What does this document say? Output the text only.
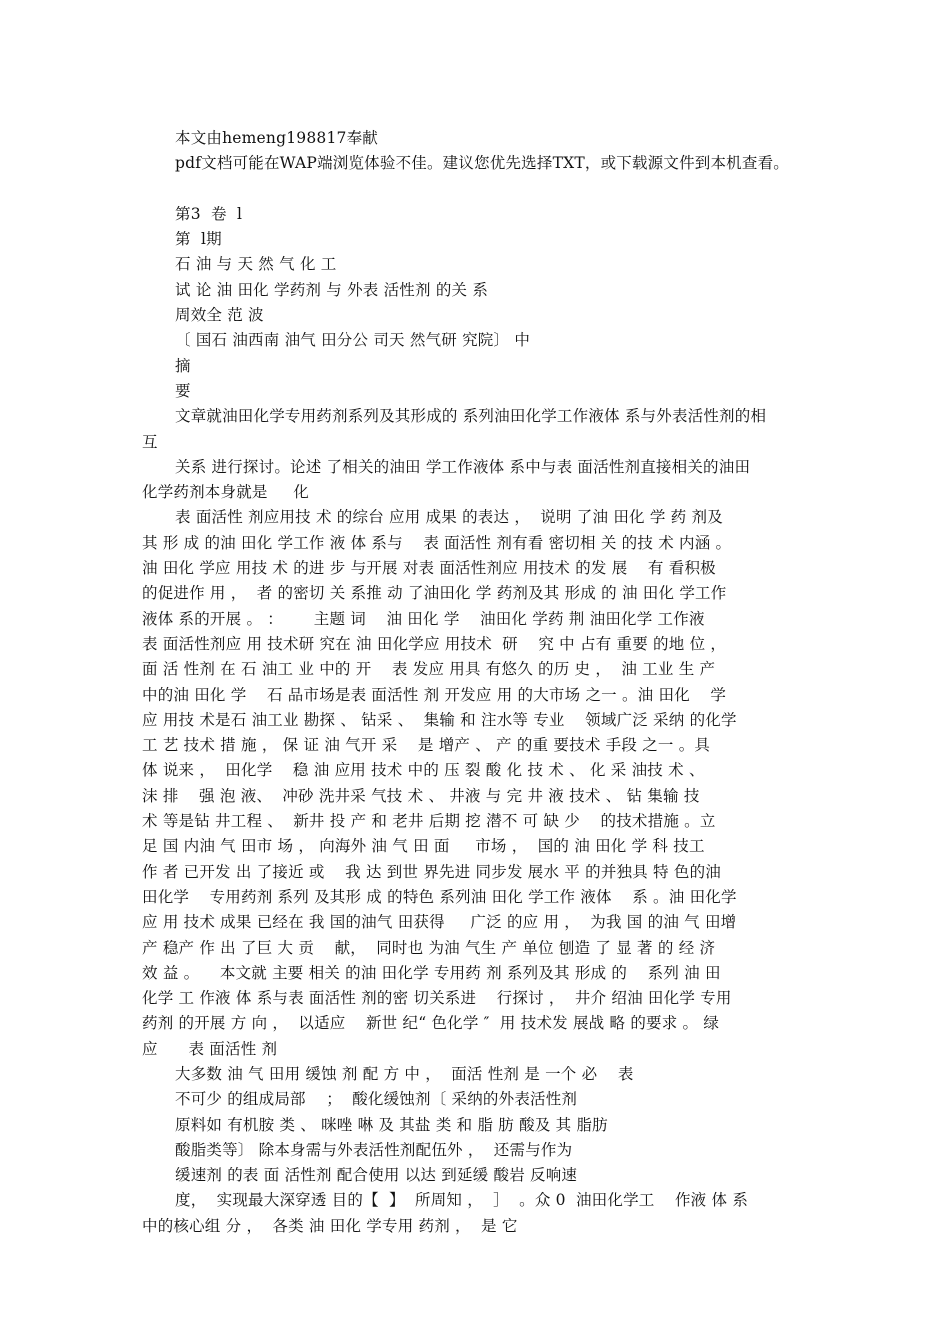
本文由hemeng198817奉献
pdf文档可能在WAP端浏览体验不佳。建议您优先选择TXT，或下载源文件到本机查看。
第3  卷  l
第  l期
石 油 与 天 然 气 化 工
试 论 油 田化 学药剂 与 外表 活性剂 的关 系
周效全 范 波
〔 国石 油西南 油气 田分公 司天 然气研 究院〕 中
摘
要
文章就油田化学专用药剂系列及其形成的 系列油田化学工作液体 系与外表活性剂的相
互
关系 进行探讨。论述 了相关的油田 学工作液体 系中与表 面活性剂直接相关的油田
化学药剂本身就是     化
表 面活性 剂应用技 术 的综台 应用 成果 的表达 ，  说明 了油 田化 学 药 剂及
其 形 成 的油 田化 学工作 液 体 系与    表 面活性 剂有看 密切相 关 的技 术 内涵 。
油 田化 学应 用技 术 的进 步 与开展 对表 面活性剂应 用技术 的发 展    有 看积极
的促进作 用 ，  者 的密切 关 系推 动 了油田化 学 药剂及其 形成 的 油 田化 学工作
液体 系的开展 。 ：      主题 词    油 田化 学    油田化 学药 荆 油田化学 工作液
表 面活性剂应 用 技术研 究在 油 田化学应 用技术  研    究 中 占有 重要 的地 位 ，
面 活 性剂 在 石 油工 业 中的 开    表 发应 用具 有悠久 的历 史 ，  油 工业 生 产
中的油 田化 学    石 品市场是表 面活性 剂 开发应 用 的大市场 之一 。油 田化    学
应 用技 术是石 油工业 勘探 、 钻采 、  集输 和 注水等 专业    领域广泛 采纳 的化学
工 艺 技术 措 施 ， 保 证 油 气开 采    是 增产 、 产 的重 要技术 手段 之一 。具
体 说来 ，  田化学    稳 油 应用 技术 中的 压 裂 酸 化 技 术 、 化 采 油技 术 、
沫 排    强 泡 液、  冲砂 洗井采 气技 术 、 井液 与 完 井 液 技术 、 钻 集输 技
术 等是钻 井工程 、  新井 投 产 和 老井 后期 挖 潜不 可 缺 少    的技术措施 。立
足 国 内油 气 田市 场 ， 向海外 油 气 田 面     市场 ，  国的 油 田化 学 科 技工
作 者 已开发 出 了接近 或    我 达 到世 界先进 同步发 展水 平 的并独具 特 色的油
田化学    专用药剂 系列 及其形 成 的特色 系列油 田化 学工作 液体    系 。油 田化学
应 用 技术 成果 已经在 我 国的油气 田获得     广泛 的应 用 ，  为我 国 的油 气 田增
产 稳产 作 出 了巨 大 贡    献，  同时也 为油 气生 产 单位 刨造 了 显 著 的 经 济
效 益 。    本文就 主要 相关 的油 田化学 专用药 剂 系列及其 形成 的    系列 油 田
化学 工 作液 体 系与表 面活性 剂的密 切关系进    行探讨 ，  井介 绍油 田化学 专用
药剂 的开展 方 向 ，  以适应    新世 纪“ 色化学 ″  用 技术发 展战 略 的要求 。 绿
应      表 面活性 剂
大多数 油 气 田用 缓蚀 剂 配 方 中 ，  面活 性剂 是 一个 必    表
不可少 的组成局部    ；  酸化缓蚀剂〔 采纳的外表活性剂
原料如 有机胺 类 、 咪唑 啉 及 其盐 类 和 脂 肪 酸及 其 脂肪
酸脂类等〕 除本身需与外表活性剂配伍外 ，  还需与作为
缓速剂 的表 面 活性剂 配合使用 以达 到延缓 酸岩 反响速
度，  实现最大深穿透 目的【  】  所周知 ，  ］  。众 0  油田化学工    作液 体 系
中的核心组 分 ，  各类 油 田化 学专用 药剂 ，  是 它
